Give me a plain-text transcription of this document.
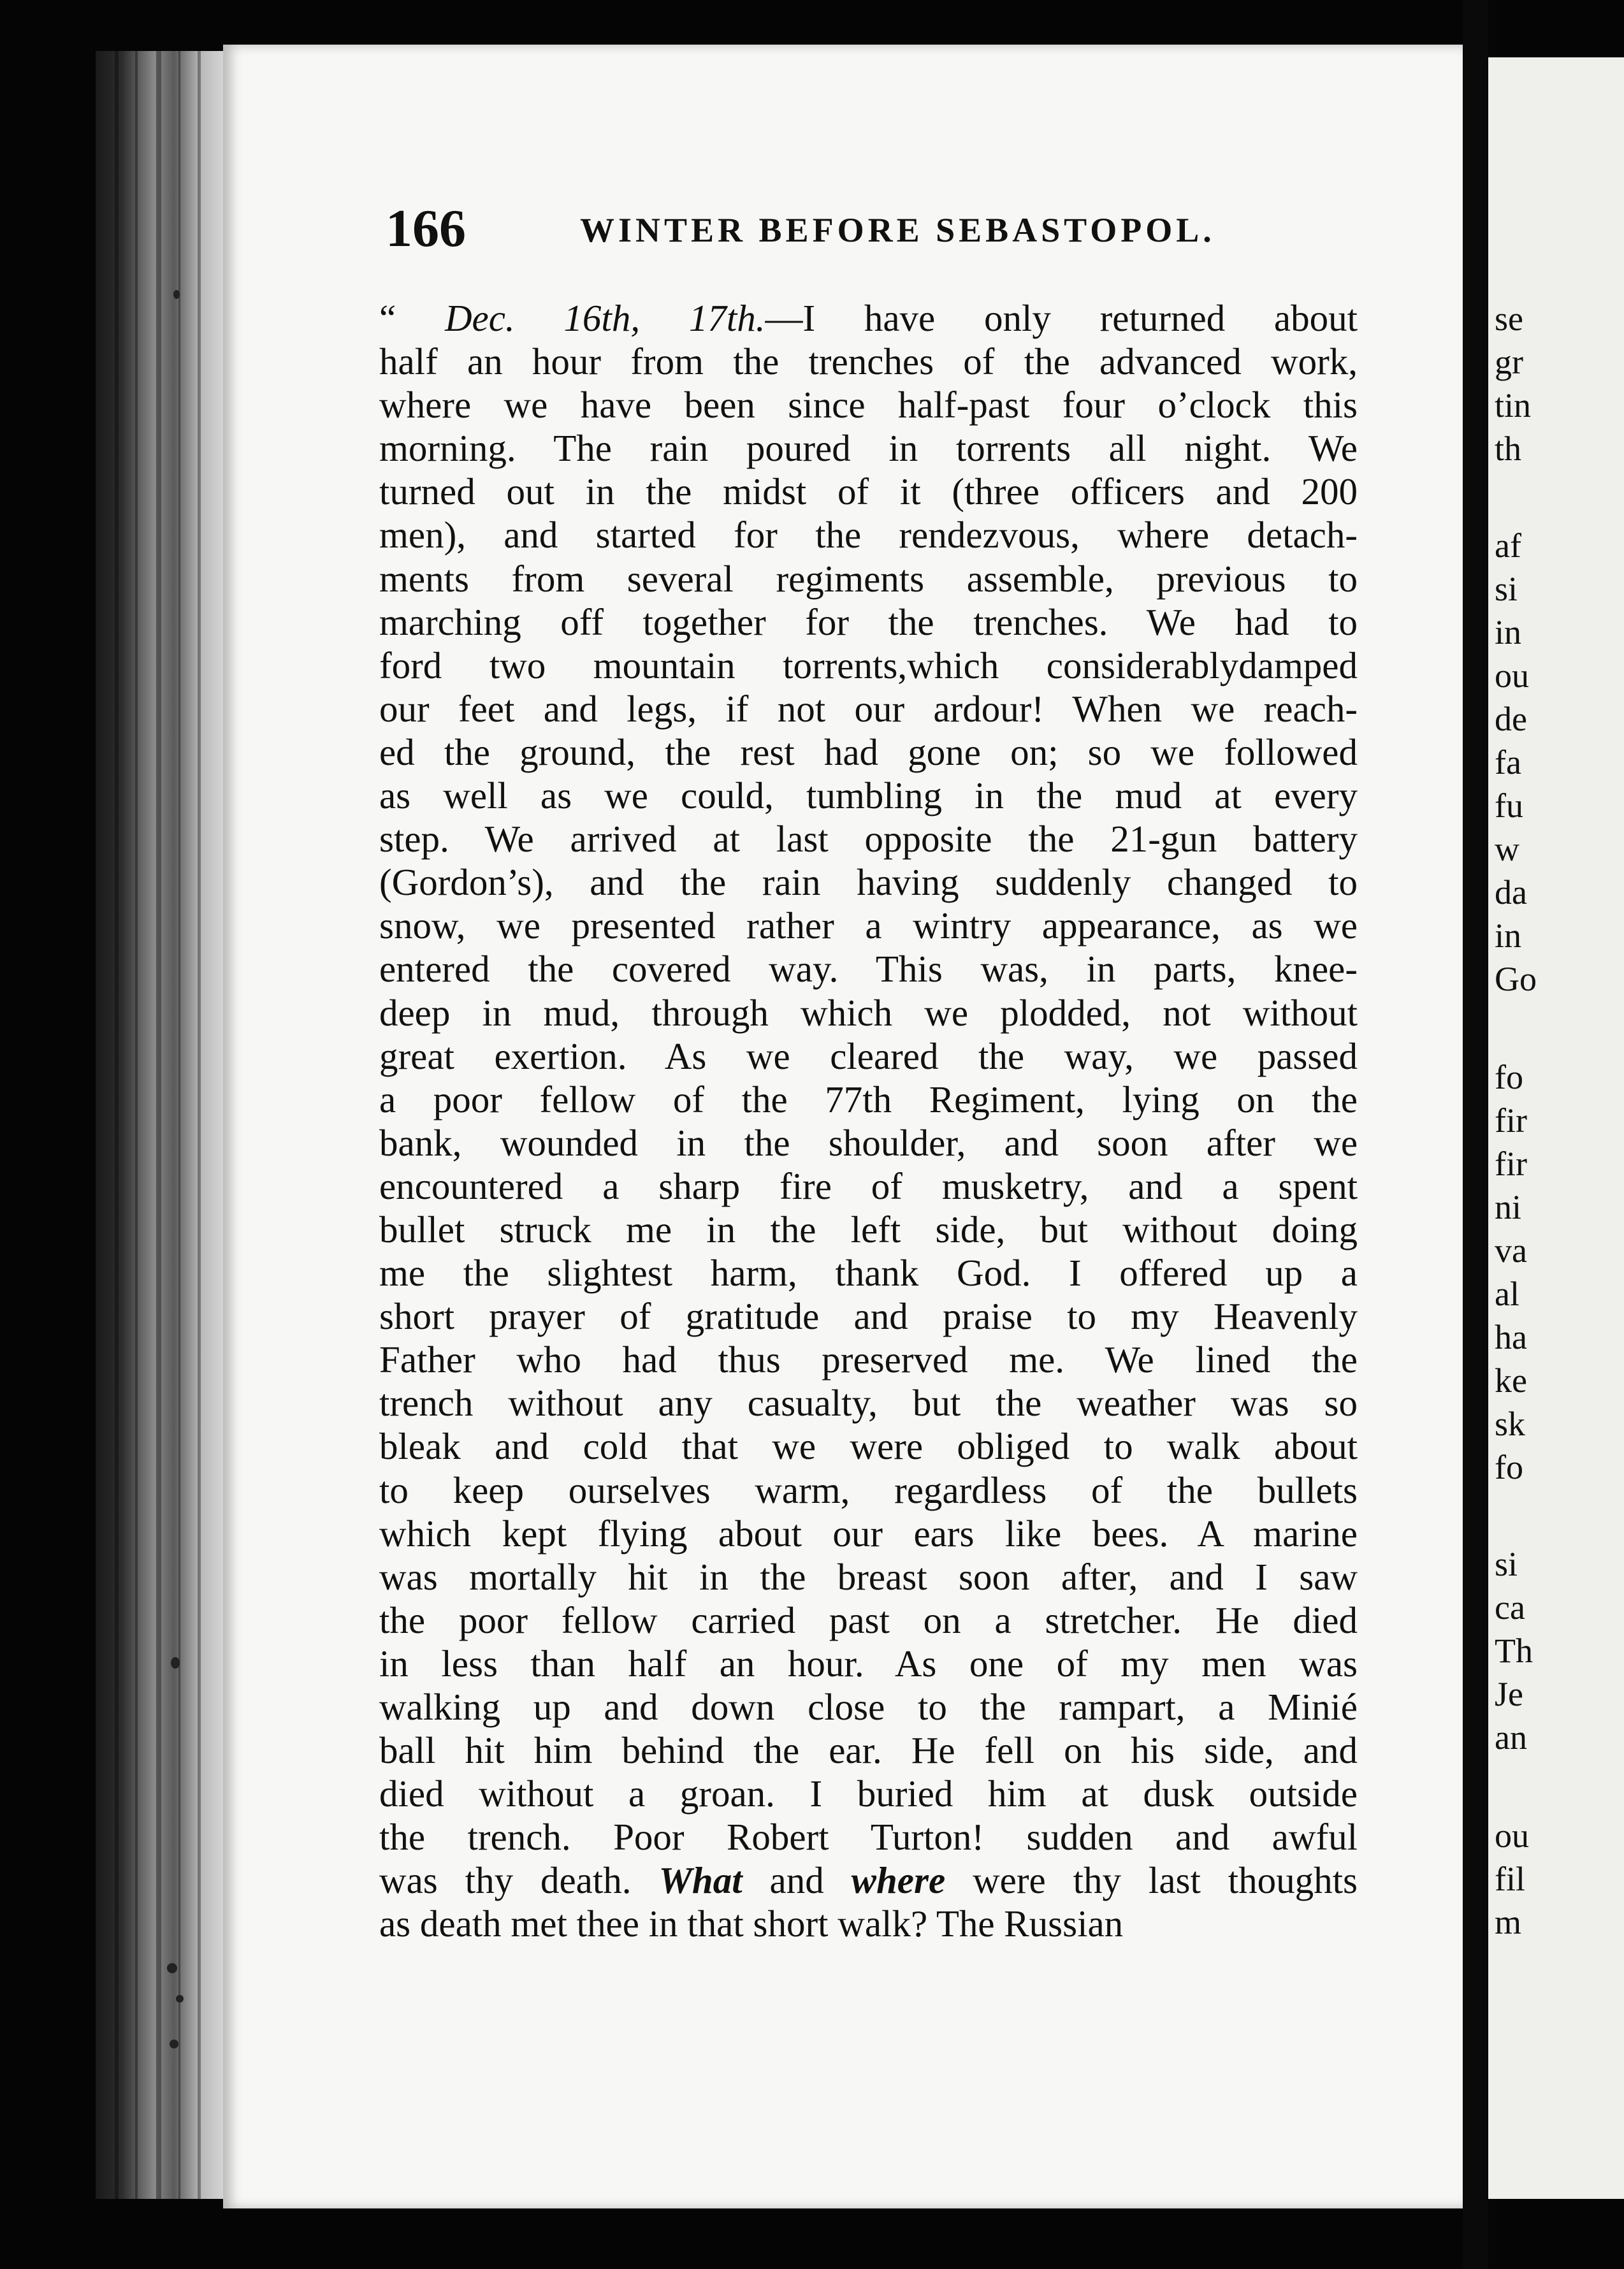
166	WINTER BEFORE SEBASTOPOL.
“ Dec. 16th, 17th.—I have only returned about
half an hour from the trenches of the advanced work,
where we have been since half-past four o’clock this
morning. The rain poured in torrents all night. We
turned out in the midst of it (three officers and 200
men), and started for the rendezvous, where detach-
ments from several regiments assemble, previous to
marching off together for the trenches. We had to
ford two mountain torrents,which considerablydamped
our feet and legs, if not our ardour! When we reach-
ed the ground, the rest had gone on; so we followed
as well as we could, tumbling in the mud at every
step. We arrived at last opposite the 21-gun battery
(Gordon’s), and the rain having suddenly changed to
snow, we presented rather a wintry appearance, as we
entered the covered way. This was, in parts, knee-
deep in mud, through which we plodded, not without
great exertion. As we cleared the way, we passed
a poor fellow of the 77th Regiment, lying on the
bank, wounded in the shoulder, and soon after we
encountered a sharp fire of musketry, and a spent
bullet struck me in the left side, but without doing
me the slightest harm, thank God. I offered up a
short prayer of gratitude and praise to my Heavenly
Father who had thus preserved me. We lined the
trench without any casualty, but the weather was so
bleak and cold that we were obliged to walk about
to keep ourselves warm, regardless of the bullets
which kept flying about our ears like bees. A marine
was mortally hit in the breast soon after, and I saw
the poor fellow carried past on a stretcher. He died
in less than half an hour. As one of my men was
walking up and down close to the rampart, a Minié
ball hit him behind the ear. He fell on his side, and
died without a groan. I buried him at dusk outside
the trench. Poor Robert Turton! sudden and awful
was thy death. What and where were thy last thoughts
as death met thee in that short walk? The Russian
se
gr
tin
th
af
si
in
ou
de
fa
fu
w
da
in
Go
fo
fir
fir
ni
va
al
ha
ke
sk
fo
si
ca
Th
Je
an
ou
fil
m
